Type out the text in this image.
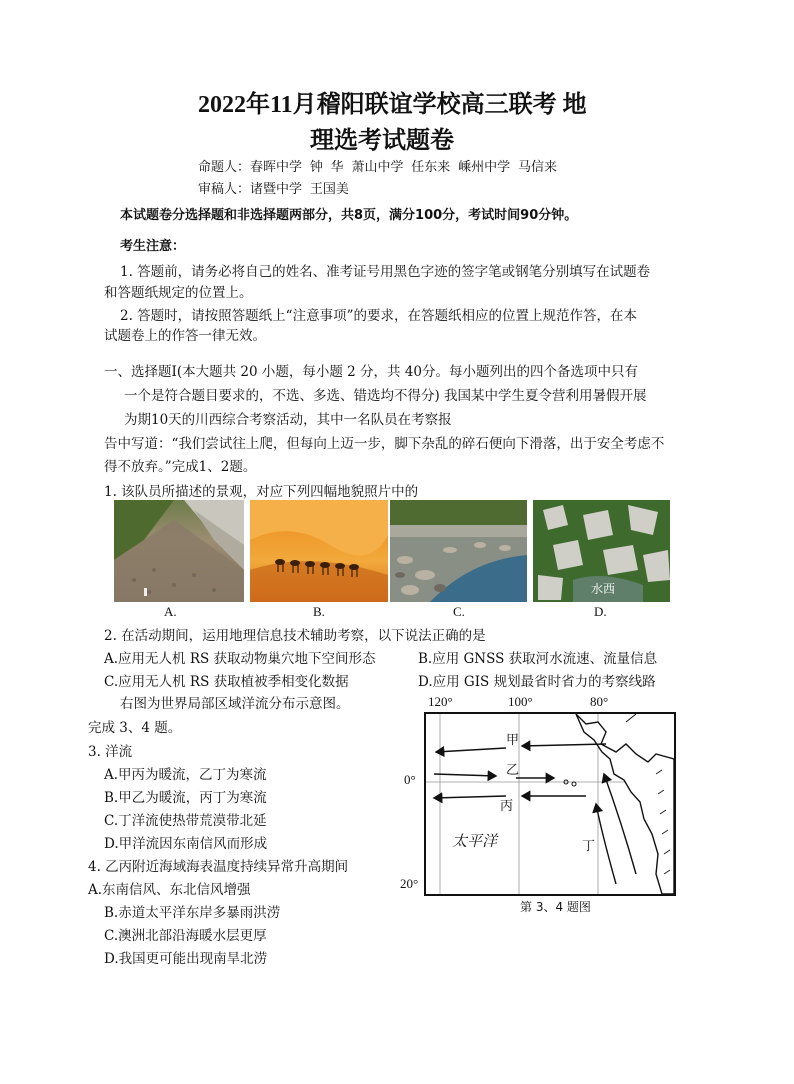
2022年11月稽阳联谊学校高三联考 地
理选考试题卷
命题人：春晖中学 钟 华 萧山中学 任东来 嵊州中学 马信来
审稿人：诸暨中学 王国美
本试题卷分选择题和非选择题两部分，共8页，满分100分，考试时间90分钟。
考生注意：
1. 答题前，请务必将自己的姓名、准考证号用黑色字迹的签字笔或钢笔分别填写在试题卷
和答题纸规定的位置上。
2. 答题时，请按照答题纸上“注意事项”的要求，在答题纸相应的位置上规范作答，在本
试题卷上的作答一律无效。
一、选择题Ⅰ(本大题共 20 小题，每小题 2 分，共 40分。每小题列出的四个备选项中只有
一个是符合题目要求的，不选、多选、错选均不得分) 我国某中学生夏令营利用暑假开展
为期10天的川西综合考察活动，其中一名队员在考察报
告中写道：“我们尝试往上爬，但每向上迈一步，脚下杂乱的碎石便向下滑落，出于安全考虑不
得不放弃。”完成1、2题。
1. 该队员所描述的景观，对应下列四幅地貌照片中的
水西
A.	B.	C.	D.
2. 在活动期间，运用地理信息技术辅助考察，以下说法正确的是
A.应用无人机 RS 获取动物巢穴地下空间形态	B.应用 GNSS 获取河水流速、流量信息
C.应用无人机 RS 获取植被季相变化数据	D.应用 GIS 规划最省时省力的考察线路
右图为世界局部区域洋流分布示意图。
完成 3、4 题。
3. 洋流
A.甲丙为暖流，乙丁为寒流
B.甲乙为暖流，丙丁为寒流
C.丁洋流使热带荒漠带北延
D.甲洋流因东南信风而形成
4. 乙丙附近海域海表温度持续异常升高期间
A.东南信风、东北信风增强
B.赤道太平洋东岸多暴雨洪涝
C.澳洲北部沿海暖水层更厚
D.我国更可能出现南旱北涝
120°	100°	80°
0°
20°
甲
乙
丙
丁
太平洋
第 3、4 题图
